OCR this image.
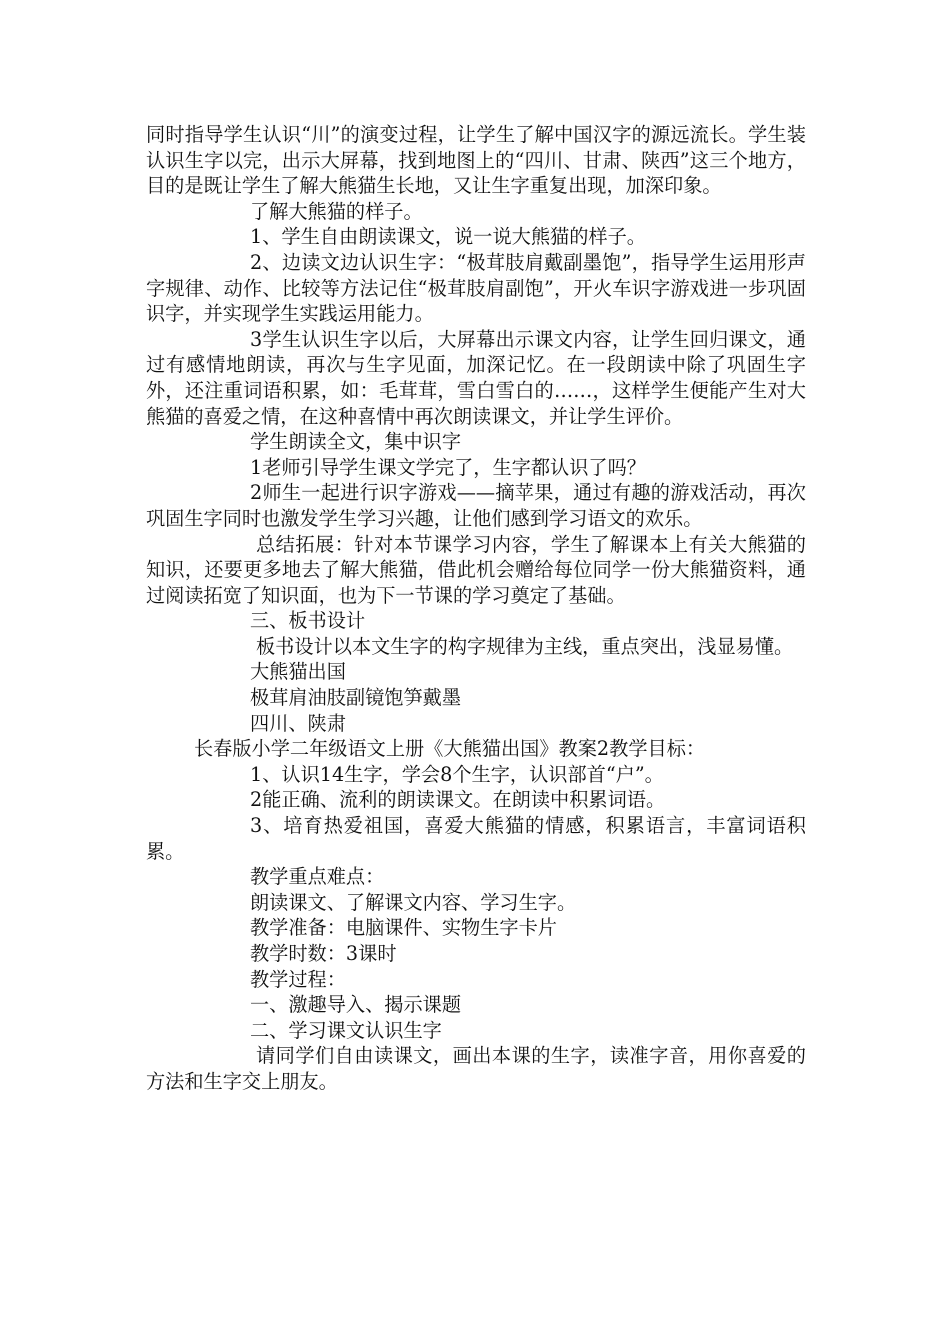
同时指导学生认识“川”的演变过程，让学生了解中国汉字的源远流长。学生装认识生字以完，出示大屏幕，找到地图上的“四川、甘肃、陕西”这三个地方，目的是既让学生了解大熊猫生长地，又让生字重复出现，加深印象。

了解大熊猫的样子。

1、学生自由朗读课文，说一说大熊猫的样子。

2、边读文边认识生字：“极茸肢肩戴副墨饱”，指导学生运用形声字规律、动作、比较等方法记住“极茸肢肩副饱”，开火车识字游戏进一步巩固识字，并实现学生实践运用能力。

3学生认识生字以后，大屏幕出示课文内容，让学生回归课文，通过有感情地朗读，再次与生字见面，加深记忆。在一段朗读中除了巩固生字外，还注重词语积累，如：毛茸茸，雪白雪白的……，这样学生便能产生对大熊猫的喜爱之情，在这种喜情中再次朗读课文，并让学生评价。

学生朗读全文，集中识字

1老师引导学生课文学完了，生字都认识了吗？

2师生一起进行识字游戏——摘苹果，通过有趣的游戏活动，再次巩固生字同时也激发学生学习兴趣，让他们感到学习语文的欢乐。

总结拓展：针对本节课学习内容，学生了解课本上有关大熊猫的知识，还要更多地去了解大熊猫，借此机会赠给每位同学一份大熊猫资料，通过阅读拓宽了知识面，也为下一节课的学习奠定了基础。

三、板书设计

板书设计以本文生字的构字规律为主线，重点突出，浅显易懂。

大熊猫出国

极茸肩油肢副镜饱笋戴墨

四川、陕肃

长春版小学二年级语文上册《大熊猫出国》教案2教学目标：

1、认识14生字，学会8个生字，认识部首“户”。

2能正确、流利的朗读课文。在朗读中积累词语。

3、培育热爱祖国，喜爱大熊猫的情感，积累语言，丰富词语积累。

教学重点难点：

朗读课文、了解课文内容、学习生字。

教学准备：电脑课件、实物生字卡片

教学时数：3课时

教学过程：

一、激趣导入、揭示课题

二、学习课文认识生字

请同学们自由读课文，画出本课的生字，读准字音，用你喜爱的方法和生字交上朋友。
